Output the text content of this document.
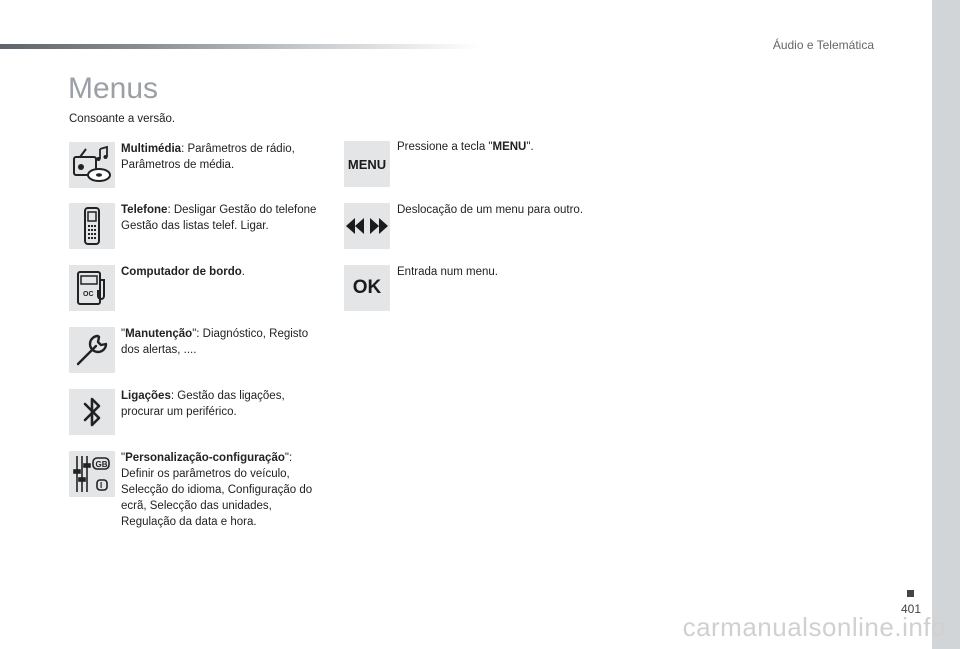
Áudio e Telemática
Menus
Consoante a versão.
Multimédia: Parâmetros de rádio, Parâmetros de média.
Telefone: Desligar Gestão do telefone Gestão das listas telef. Ligar.
OC
Computador de bordo.
"Manutenção": Diagnóstico, Registo dos alertas, ....
Ligações: Gestão das ligações, procurar um periférico.
GB
I
"Personalização-configuração": Definir os parâmetros do veículo, Selecção do idioma, Configuração do ecrã, Selecção das unidades, Regulação da data e hora.
MENU
Pressione a tecla "MENU".
Deslocação de um menu para outro.
OK
Entrada num menu.
401
carmanualsonline.info
